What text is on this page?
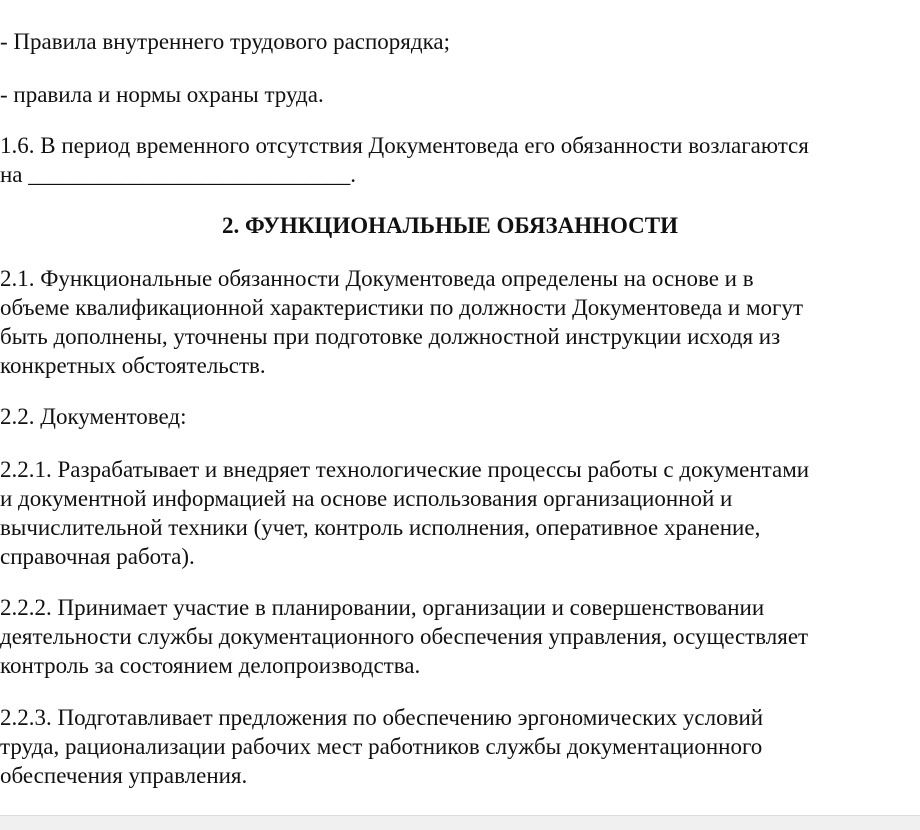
- Правила внутреннего трудового распорядка;

- правила и нормы охраны труда.

1.6. В период временного отсутствия Документоведа его обязанности возлагаются
на ____________________________.

2. ФУНКЦИОНАЛЬНЫЕ ОБЯЗАННОСТИ

2.1. Функциональные обязанности Документоведа определены на основе и в
объеме квалификационной характеристики по должности Документоведа и могут
быть дополнены, уточнены при подготовке должностной инструкции исходя из
конкретных обстоятельств.

2.2. Документовед:

2.2.1. Разрабатывает и внедряет технологические процессы работы с документами
и документной информацией на основе использования организационной и
вычислительной техники (учет, контроль исполнения, оперативное хранение,
справочная работа).

2.2.2. Принимает участие в планировании, организации и совершенствовании
деятельности службы документационного обеспечения управления, осуществляет
контроль за состоянием делопроизводства.

2.2.3. Подготавливает предложения по обеспечению эргономических условий
труда, рационализации рабочих мест работников службы документационного
обеспечения управления.
